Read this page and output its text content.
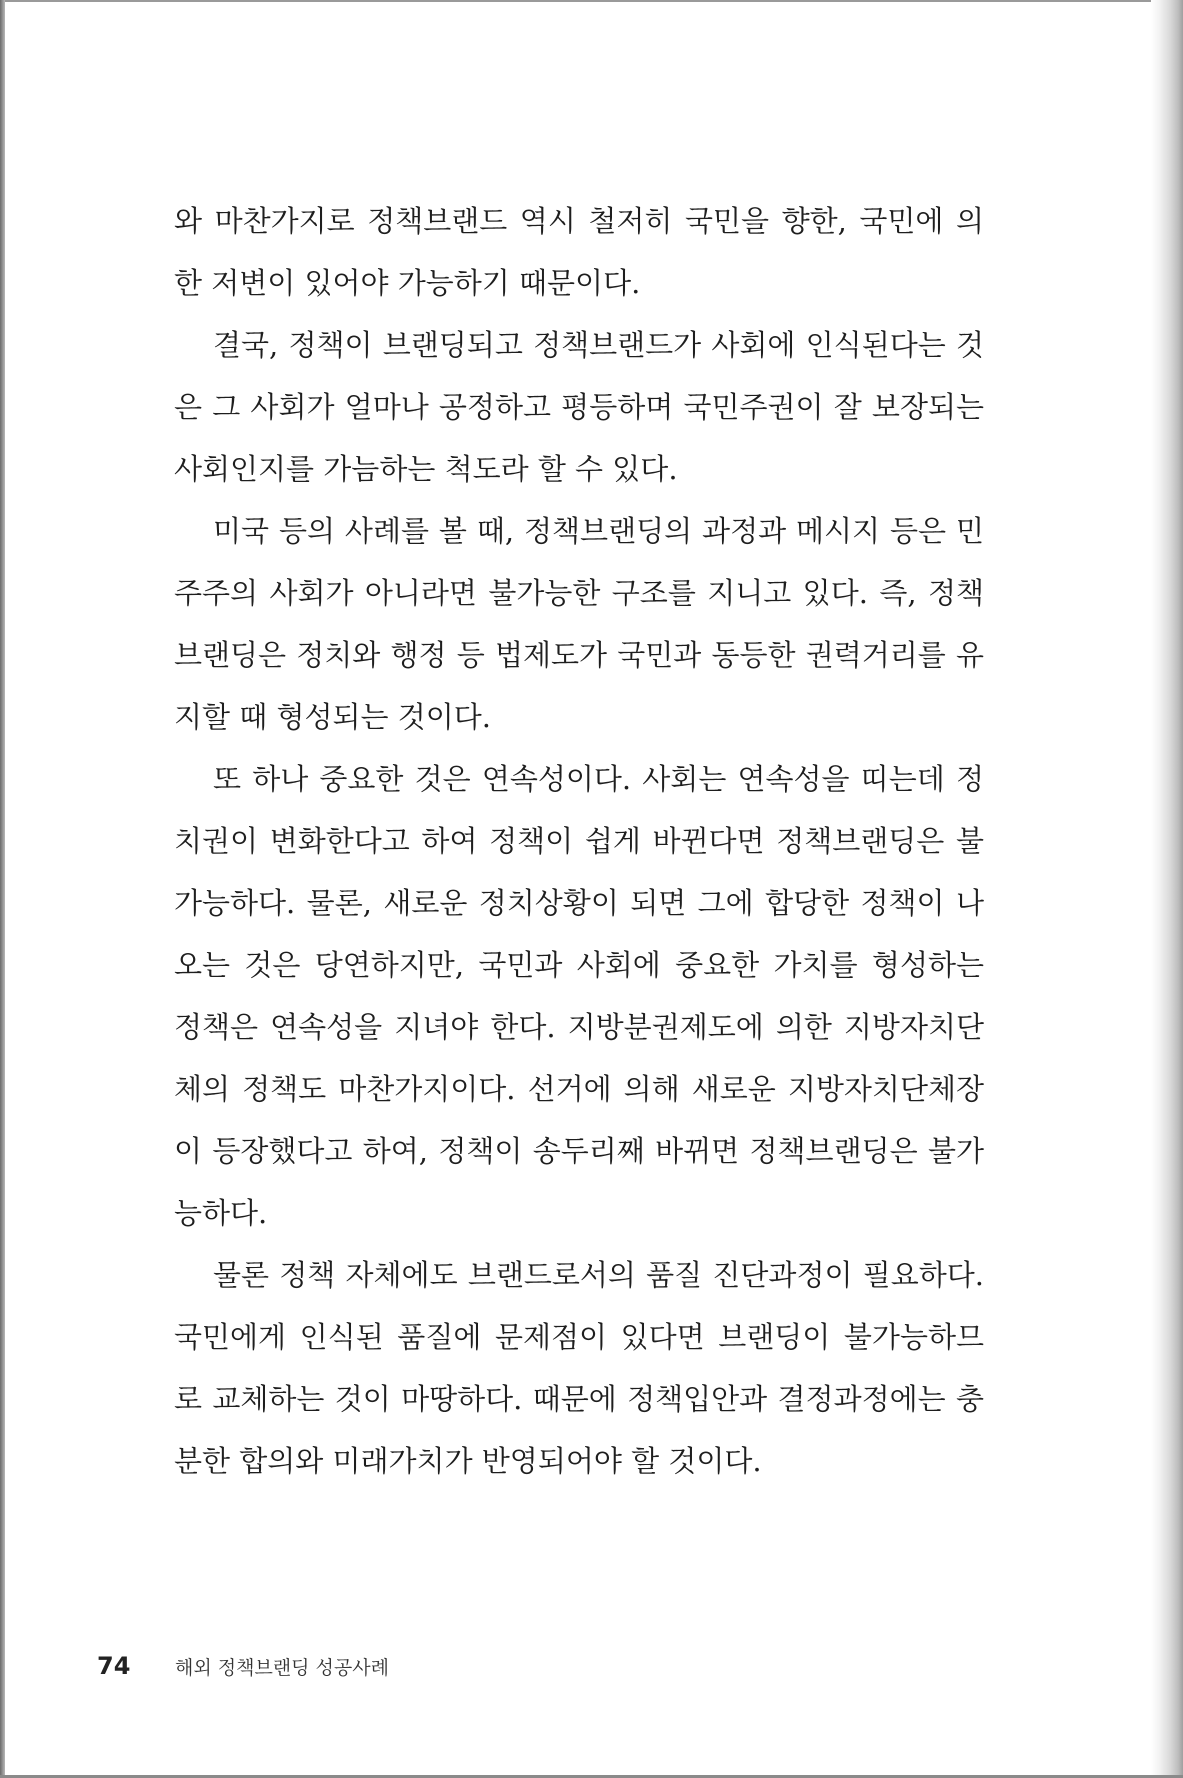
와 마찬가지로 정책브랜드 역시 철저히 국민을 향한, 국민에 의한 저변이 있어야 가능하기 때문이다.

결국, 정책이 브랜딩되고 정책브랜드가 사회에 인식된다는 것은 그 사회가 얼마나 공정하고 평등하며 국민주권이 잘 보장되는 사회인지를 가늠하는 척도라 할 수 있다.

미국 등의 사례를 볼 때, 정책브랜딩의 과정과 메시지 등은 민주주의 사회가 아니라면 불가능한 구조를 지니고 있다. 즉, 정책브랜딩은 정치와 행정 등 법제도가 국민과 동등한 권력거리를 유지할 때 형성되는 것이다.

또 하나 중요한 것은 연속성이다. 사회는 연속성을 띠는데 정치권이 변화한다고 하여 정책이 쉽게 바뀐다면 정책브랜딩은 불가능하다. 물론, 새로운 정치상황이 되면 그에 합당한 정책이 나오는 것은 당연하지만, 국민과 사회에 중요한 가치를 형성하는 정책은 연속성을 지녀야 한다. 지방분권제도에 의한 지방자치단체의 정책도 마찬가지이다. 선거에 의해 새로운 지방자치단체장이 등장했다고 하여, 정책이 송두리째 바뀌면 정책브랜딩은 불가능하다.

물론 정책 자체에도 브랜드로서의 품질 진단과정이 필요하다. 국민에게 인식된 품질에 문제점이 있다면 브랜딩이 불가능하므로 교체하는 것이 마땅하다. 때문에 정책입안과 결정과정에는 충분한 합의와 미래가치가 반영되어야 할 것이다.

74	해외 정책브랜딩 성공사례
